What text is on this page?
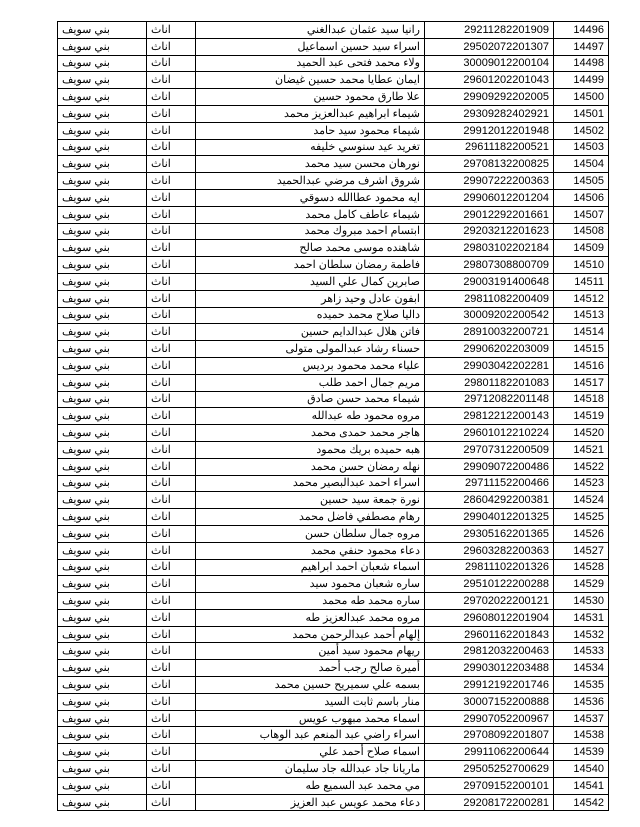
بني سويف	اناث	رانيا سيد عثمان عبدالغني	29211282201909	14496
بني سويف	اناث	اسراء سيد حسين اسماعيل	29502072201307	14497
بني سويف	اناث	ولاء محمد فتحى عبد الحميد	30009012200104	14498
بني سويف	اناث	ايمان عطايا محمد حسين غيضان	29601202201043	14499
بني سويف	اناث	علا طارق محمود حسين	29909292202005	14500
بني سويف	اناث	شيماء ابراهيم عبدالعزيز محمد	29309282402921	14501
بني سويف	اناث	شيماء محمود سيد حامد	29912012201948	14502
بني سويف	اناث	تغريد عيد سنوسي خليفه	29611182200521	14503
بني سويف	اناث	نورهان محسن سيد محمد	29708132200825	14504
بني سويف	اناث	شروق اشرف مرضي عبدالحميد	29907222200363	14505
بني سويف	اناث	ايه محمود عطاالله دسوقي	29906012201204	14506
بني سويف	اناث	شيماء عاطف كامل محمد	29012292201661	14507
بني سويف	اناث	ابتسام احمد مبروك محمد	29203212201623	14508
بني سويف	اناث	شاهنده موسى محمد صالح	29803102202184	14509
بني سويف	اناث	فاطمة رمضان سلطان احمد	29807308800709	14510
بني سويف	اناث	صابرين كمال علي السيد	29003191400648	14511
بني سويف	اناث	ابفون عادل وحيد زاهر	29811082200409	14512
بني سويف	اناث	داليا صلاح محمد حميده	30009202200542	14513
بني سويف	اناث	فاتن هلال عبدالدايم حسين	28910032200721	14514
بني سويف	اناث	حسناء رشاد عبدالمولى متولى	29906202203009	14515
بني سويف	اناث	علياء محمد محمود برديس	29903042202281	14516
بني سويف	اناث	مريم جمال احمد طلب	29801182201083	14517
بني سويف	اناث	شيماء محمد حسن صادق	29712082201148	14518
بني سويف	اناث	مروه محمود طه عبدالله	29812212200143	14519
بني سويف	اناث	هاجر محمد حمدى محمد	29601012210224	14520
بني سويف	اناث	هبه حميده بريك محمود	29707312200509	14521
بني سويف	اناث	نهله رمضان حسن محمد	29909072200486	14522
بني سويف	اناث	اسراء احمد عبدالبصير محمد	29711152200466	14523
بني سويف	اناث	نورة جمعة سيد حسين	28604292200381	14524
بني سويف	اناث	رهام مصطفي فاضل محمد	29904012201325	14525
بني سويف	اناث	مروه جمال سلطان حسن	29305162201365	14526
بني سويف	اناث	دعاء محمود حنفي محمد	29603282200363	14527
بني سويف	اناث	اسماء شعبان احمد ابراهيم	29811102201326	14528
بني سويف	اناث	ساره شعبان محمود سيد	29510122200288	14529
بني سويف	اناث	ساره محمد طه محمد	29702022200121	14530
بني سويف	اناث	مروه محمد عبدالعزيز طه	29608012201904	14531
بني سويف	اناث	إلهام أحمد عبدالرحمن محمد	29601162201843	14532
بني سويف	اناث	ريهام محمود سيد أمين	29812032200463	14533
بني سويف	اناث	أميرة صالح رجب أحمد	29903012203488	14534
بني سويف	اناث	بسمه علي سميريح حسين محمد	29912192201746	14535
بني سويف	اناث	منار باسم ثابت السيد	30007152200888	14536
بني سويف	اناث	اسماء محمد مبهوب عويس	29907052200967	14537
بني سويف	اناث	اسراء راضي عبد المنعم عبد الوهاب	29708092201807	14538
بني سويف	اناث	اسماء صلاح أحمد علي	29911062200644	14539
بني سويف	اناث	ماريانا جاد عبدالله جاد سليمان	29505252700629	14540
بني سويف	اناث	مي محمد عبد السميع طه	29709152200101	14541
بني سويف	اناث	دعاء محمد عويس عبد العزيز	29208172200281	14542
